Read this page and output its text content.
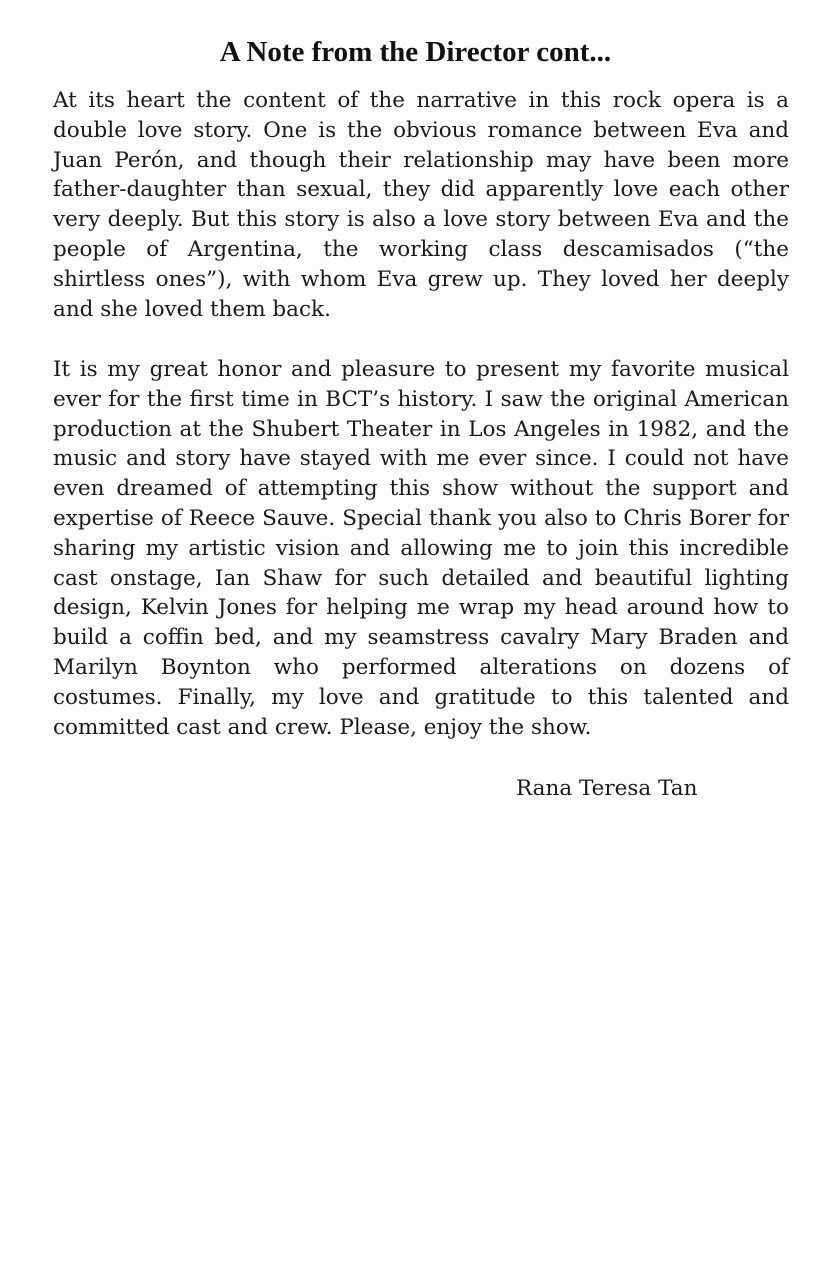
A Note from the Director cont...

At its heart the content of the narrative in this rock opera is a double love story. One is the obvious romance between Eva and Juan Perón, and though their relationship may have been more father-daughter than sexual, they did apparently love each other very deeply. But this story is also a love story between Eva and the people of Argentina, the working class descamisados (“the shirtless ones”), with whom Eva grew up. They loved her deeply and she loved them back.

It is my great honor and pleasure to present my favorite musical ever for the first time in BCT’s history. I saw the original American production at the Shubert Theater in Los Angeles in 1982, and the music and story have stayed with me ever since. I could not have even dreamed of attempting this show without the support and expertise of Reece Sauve. Special thank you also to Chris Borer for sharing my artistic vision and allowing me to join this incredible cast onstage, Ian Shaw for such detailed and beautiful lighting design, Kelvin Jones for helping me wrap my head around how to build a coffin bed, and my seamstress cavalry Mary Braden and Marilyn Boynton who performed alterations on dozens of costumes. Finally, my love and gratitude to this talented and committed cast and crew. Please, enjoy the show.

Rana Teresa Tan
